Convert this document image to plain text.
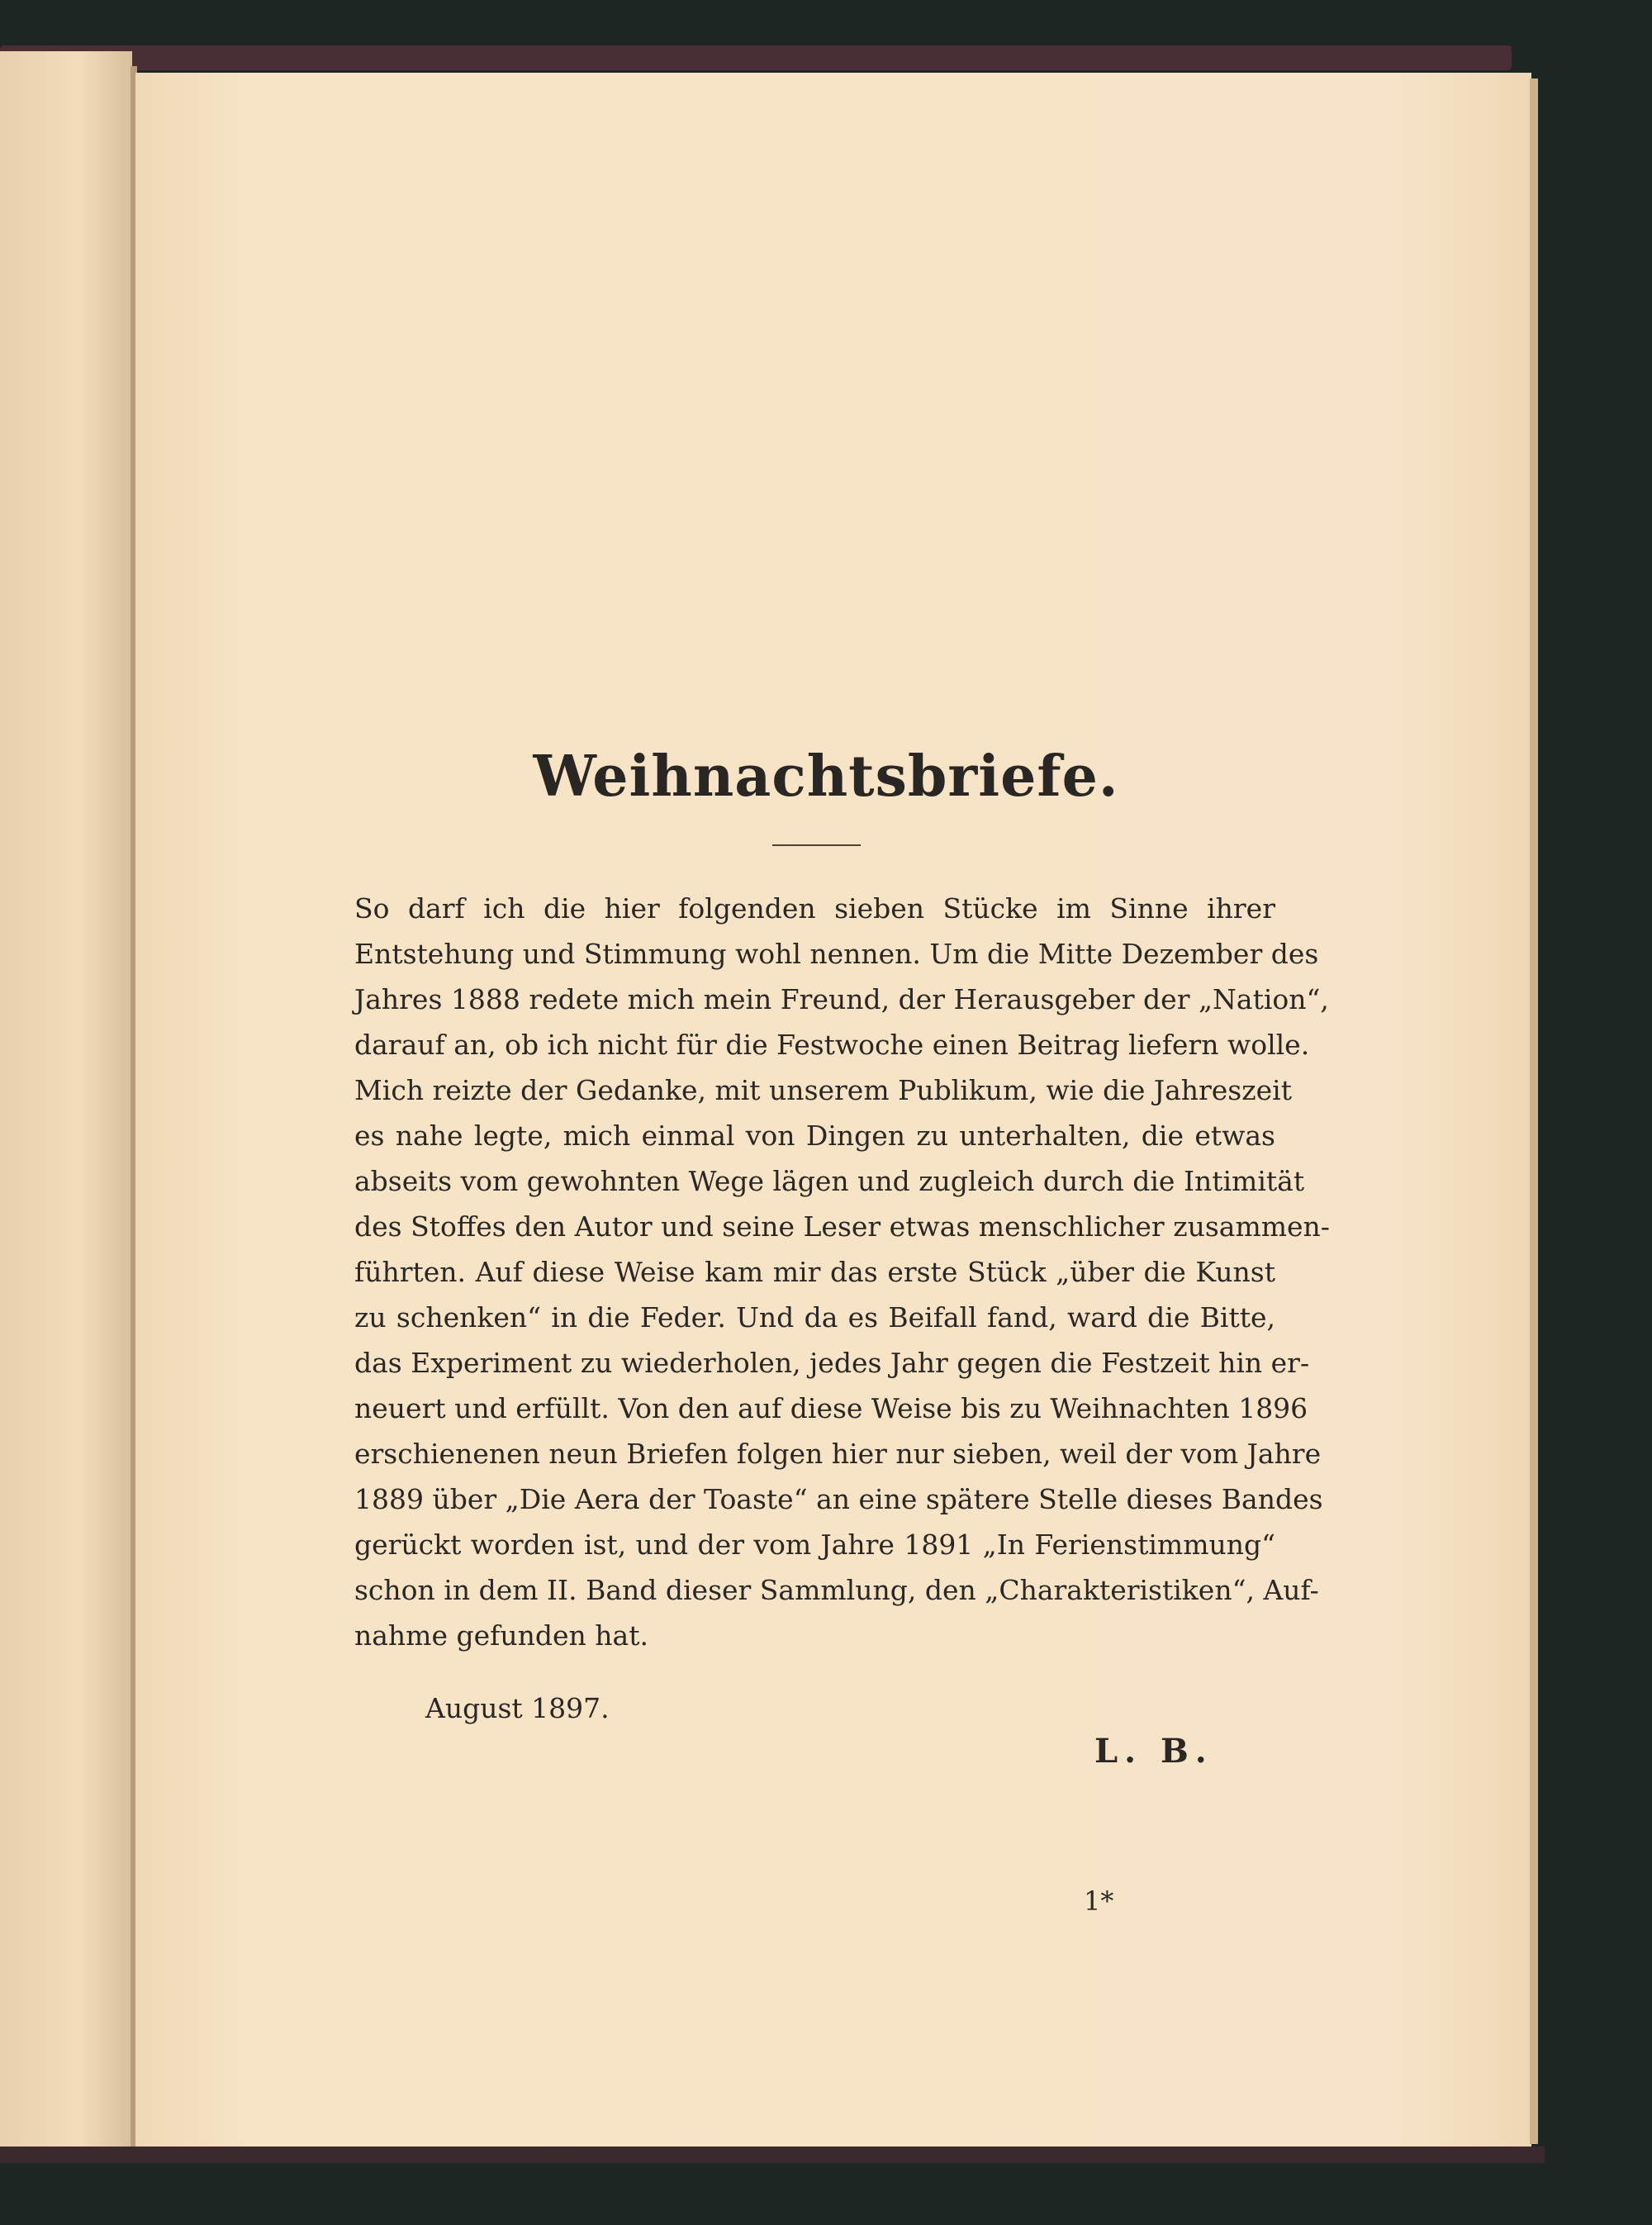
Weihnachtsbriefe.
So darf ich die hier folgenden sieben Stücke im Sinne ihrer
Entstehung und Stimmung wohl nennen. Um die Mitte Dezember des
Jahres 1888 redete mich mein Freund, der Herausgeber der „Nation“,
darauf an, ob ich nicht für die Festwoche einen Beitrag liefern wolle.
Mich reizte der Gedanke, mit unserem Publikum, wie die Jahreszeit
es nahe legte, mich einmal von Dingen zu unterhalten, die etwas
abseits vom gewohnten Wege lägen und zugleich durch die Intimität
des Stoffes den Autor und seine Leser etwas menschlicher zusammen-
führten. Auf diese Weise kam mir das erste Stück „über die Kunst
zu schenken“ in die Feder. Und da es Beifall fand, ward die Bitte,
das Experiment zu wiederholen, jedes Jahr gegen die Festzeit hin er-
neuert und erfüllt. Von den auf diese Weise bis zu Weihnachten 1896
erschienenen neun Briefen folgen hier nur sieben, weil der vom Jahre
1889 über „Die Aera der Toaste“ an eine spätere Stelle dieses Bandes
gerückt worden ist, und der vom Jahre 1891 „In Ferienstimmung“
schon in dem II. Band dieser Sammlung, den „Charakteristiken“, Auf-
nahme gefunden hat.
August 1897.
L. B.
1*
